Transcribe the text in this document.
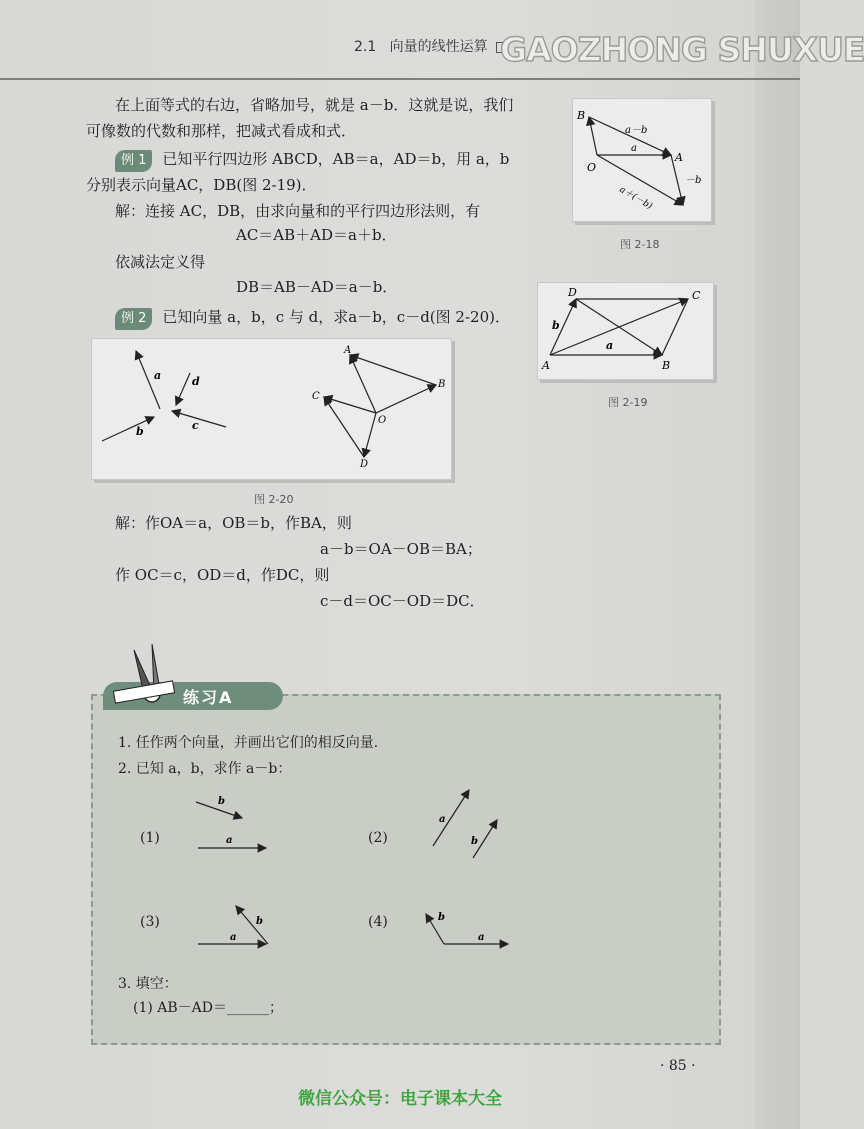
2.1 向量的线性运算 GAOZHONG SHUXUE
在上面等式的右边，省略加号，就是 a－b．这就是说，我们
可像数的代数和那样，把减式看成和式．
例 1 已知平行四边形 ABCD，AB＝a，AD＝b，用 a，b
分别表示向量AC，DB(图 2-19)．
解：连接 AC，DB，由求向量和的平行四边形法则，有
AC＝AB＋AD＝a＋b．
依减法定义得
DB＝AB－AD＝a－b．
例 2 已知向量 a，b，c 与 d，求a－b，c－d(图 2-20)．
B
O
A
a－b
a
－b
a＋(－b)
图 2-18
D	C
A	B
a
b
图 2-19
a
b	c
d
A
B
C
D
O
图 2-20
解：作OA＝a，OB＝b，作BA，则
a－b＝OA－OB＝BA；
作 OC＝c，OD＝d，作DC，则
c－d＝OC－OD＝DC．
练习A
1. 任作两个向量，并画出它们的相反向量．
2. 已知 a，b，求作 a－b：
(1)	a
b
(2)
a
b
(3)
a
b	(4)
a
b
3. 填空：
(1) AB－AD＝______；
· 85 ·
微信公众号：电子课本大全
